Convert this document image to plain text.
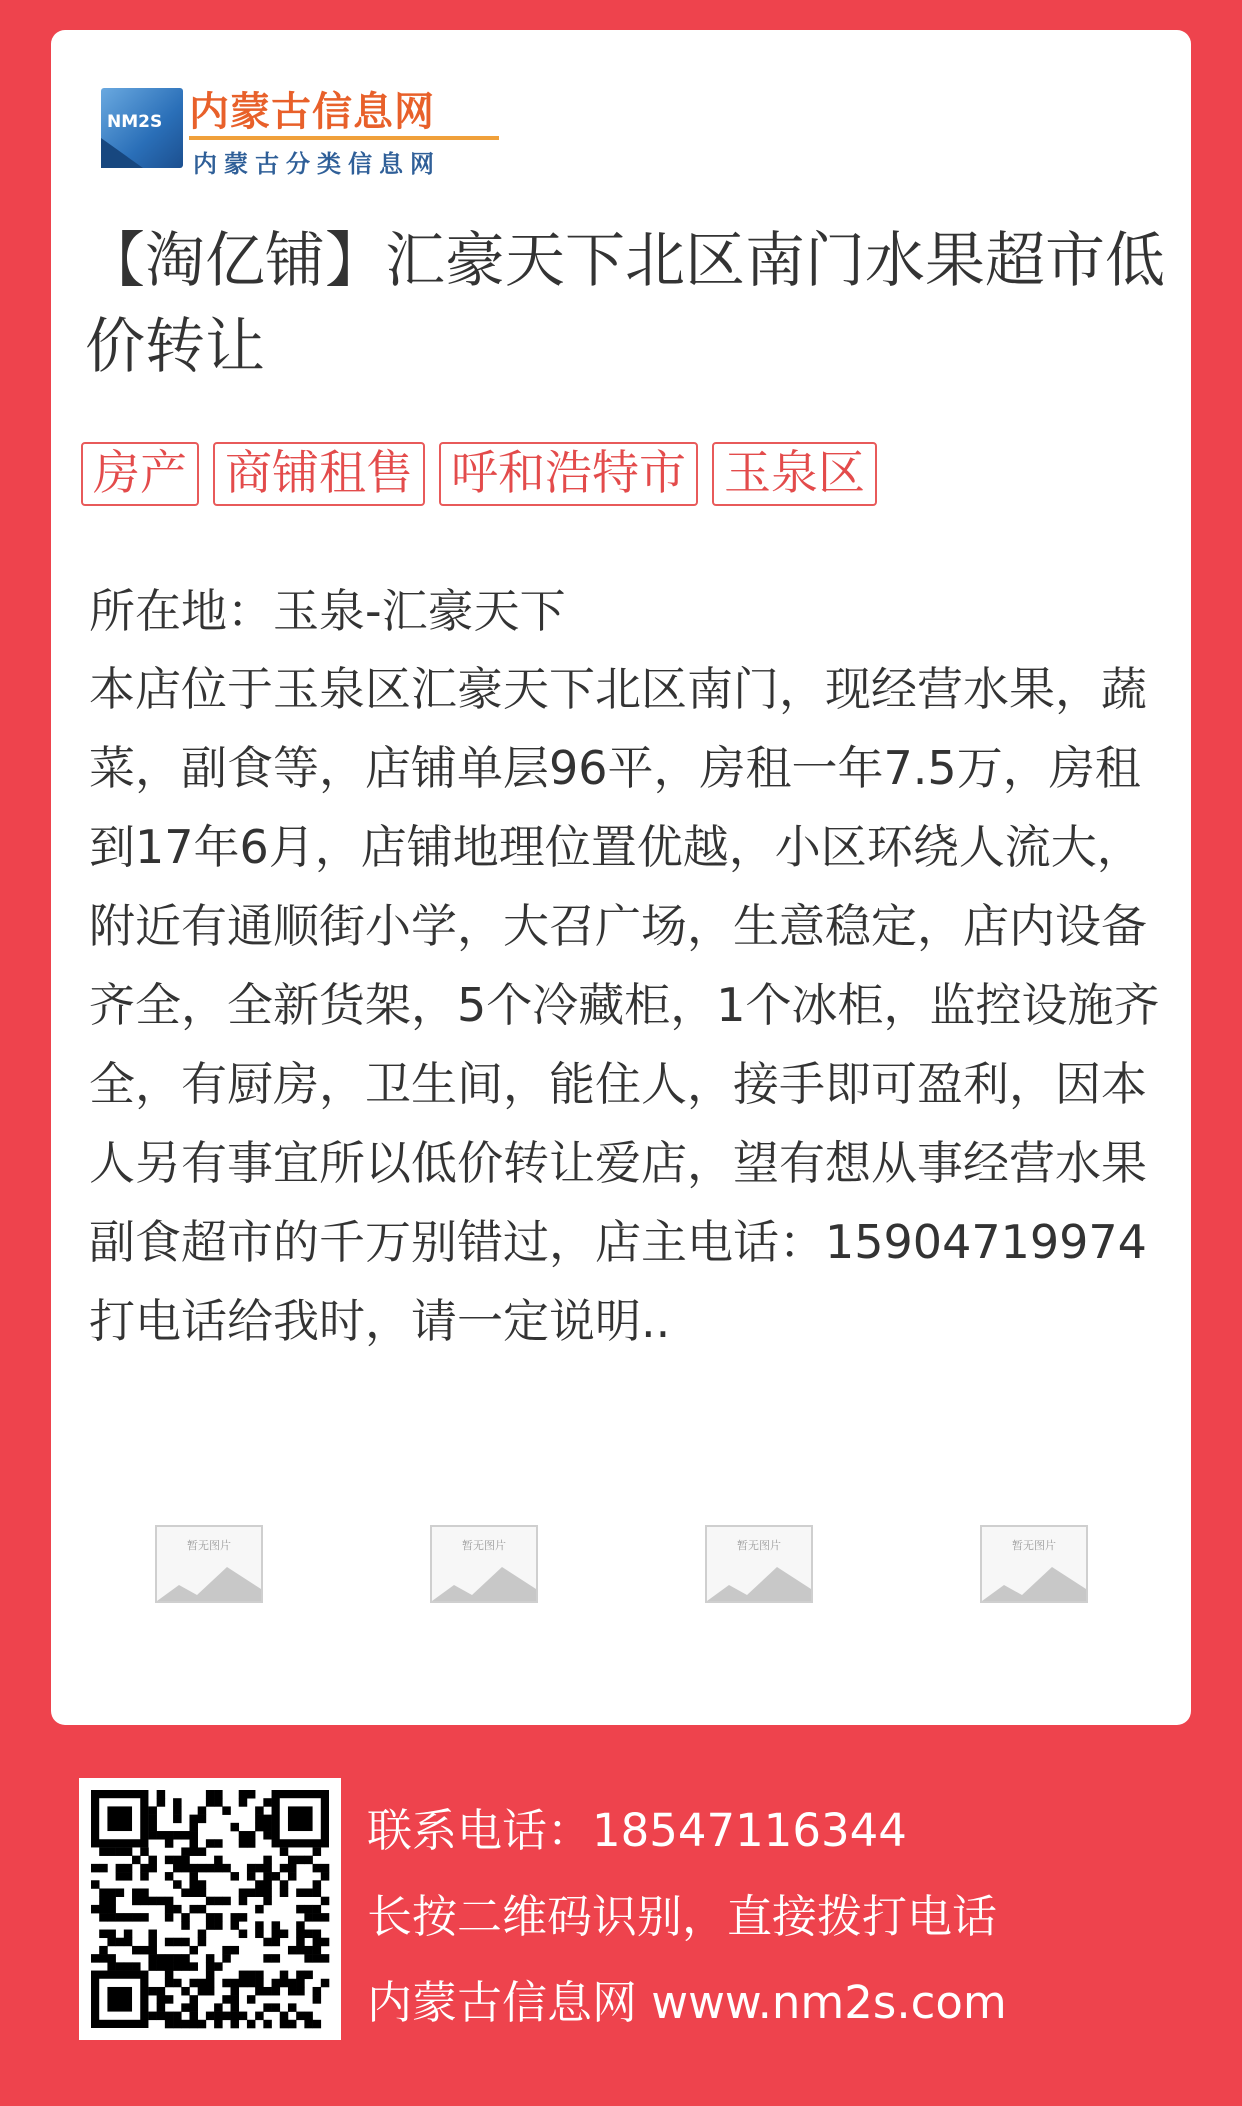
NM2S 内蒙古信息网
内蒙古分类信息网
【淘亿铺】汇豪天下北区南门水果超市低价转让
房产 商铺租售 呼和浩特市 玉泉区
所在地：玉泉-汇豪天下

本店位于玉泉区汇豪天下北区南门，现经营水果，蔬菜，副食等，店铺单层96平，房租一年7.5万，房租到17年6月，店铺地理位置优越，小区环绕人流大，附近有通顺街小学，大召广场，生意稳定，店内设备齐全，全新货架，5个冷藏柜，1个冰柜，监控设施齐全，有厨房，卫生间，能住人，接手即可盈利，因本人另有事宜所以低价转让爱店，望有想从事经营水果副食超市的千万别错过，店主电话：15904719974打电话给我时，请一定说明..

暂无图片	暂无图片	暂无图片	暂无图片
联系电话：18547116344
长按二维码识别，直接拨打电话
内蒙古信息网 www.nm2s.com
